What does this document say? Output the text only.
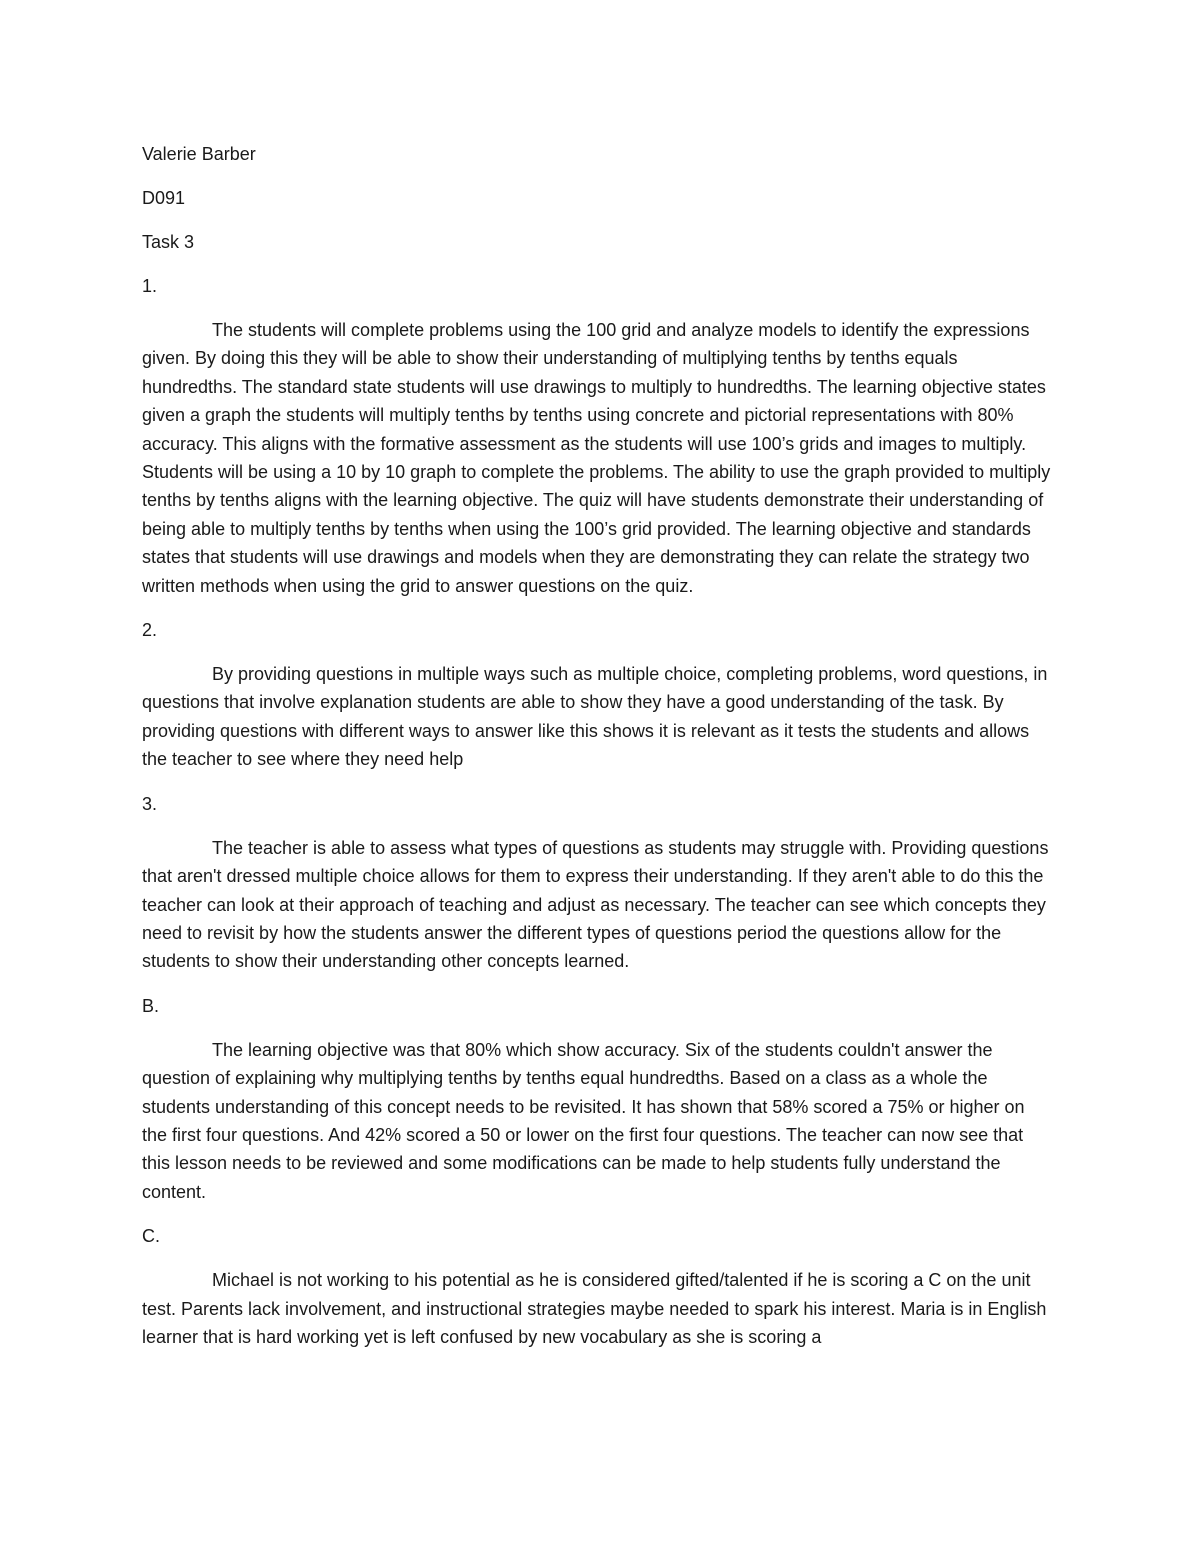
Valerie Barber

D091

Task 3

1.

The students will complete problems using the 100 grid and analyze models to identify the expressions given. By doing this they will be able to show their understanding of multiplying tenths by tenths equals hundredths. The standard state students will use drawings to multiply to hundredths. The learning objective states given a graph the students will multiply tenths by tenths using concrete and pictorial representations with 80% accuracy. This aligns with the formative assessment as the students will use 100’s grids and images to multiply. Students will be using a 10 by 10 graph to complete the problems. The ability to use the graph provided to multiply tenths by tenths aligns with the learning objective. The quiz will have students demonstrate their understanding of being able to multiply tenths by tenths when using the 100’s grid provided. The learning objective and standards states that students will use drawings and models when they are demonstrating they can relate the strategy two written methods when using the grid to answer questions on the quiz.

2.

By providing questions in multiple ways such as multiple choice, completing problems, word questions, in questions that involve explanation students are able to show they have a good understanding of the task. By providing questions with different ways to answer like this shows it is relevant as it tests the students and allows the teacher to see where they need help

3.

The teacher is able to assess what types of questions as students may struggle with. Providing questions that aren't dressed multiple choice allows for them to express their understanding. If they aren't able to do this the teacher can look at their approach of teaching and adjust as necessary. The teacher can see which concepts they need to revisit by how the students answer the different types of questions period the questions allow for the students to show their understanding other concepts learned.

B.

The learning objective was that 80% which show accuracy. Six of the students couldn't answer the question of explaining why multiplying tenths by tenths equal hundredths. Based on a class as a whole the students understanding of this concept needs to be revisited. It has shown that 58% scored a 75% or higher on the first four questions. And 42% scored a 50 or lower on the first four questions. The teacher can now see that this lesson needs to be reviewed and some modifications can be made to help students fully understand the content.

C.

Michael is not working to his potential as he is considered gifted/talented if he is scoring a C on the unit test. Parents lack involvement, and instructional strategies maybe needed to spark his interest. Maria is in English learner that is hard working yet is left confused by new vocabulary as she is scoring a
